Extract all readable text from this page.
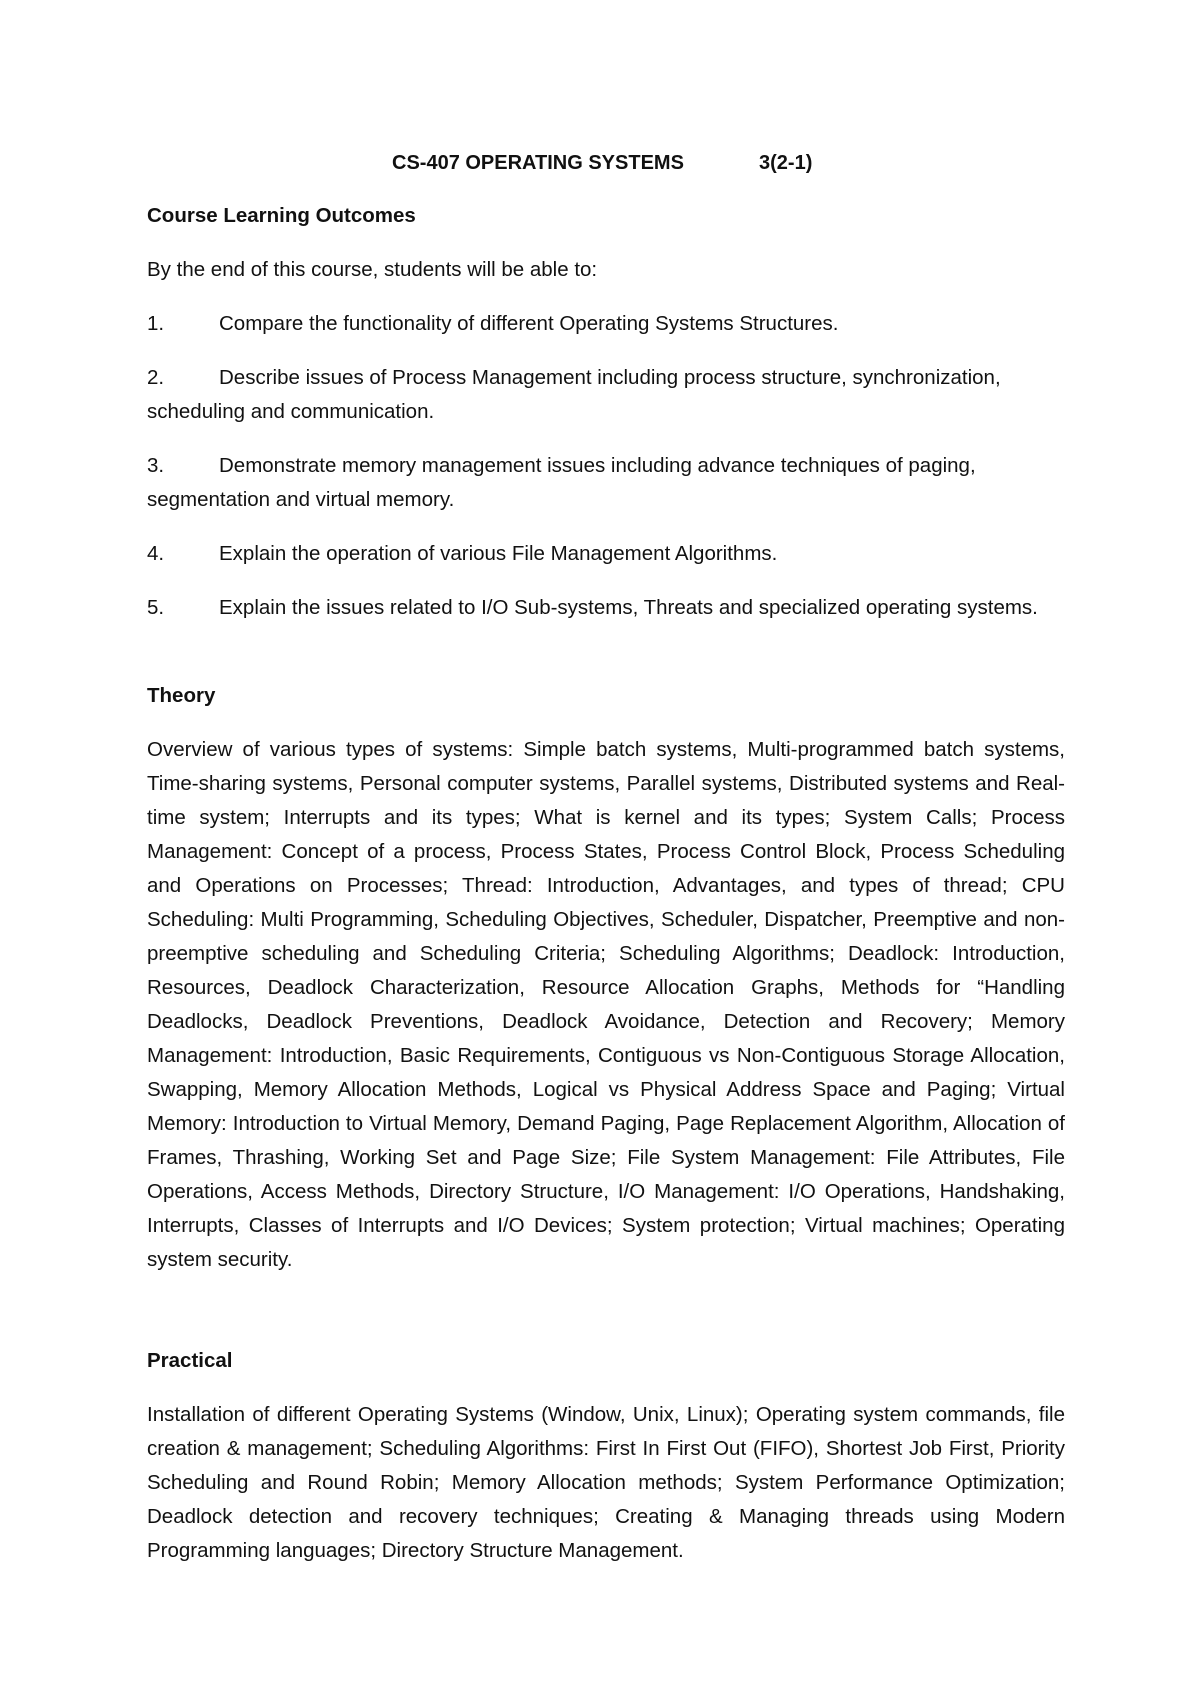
CS-407 OPERATING SYSTEMS	3(2-1)
Course Learning Outcomes
By the end of this course, students will be able to:
1.	Compare the functionality of different Operating Systems Structures.
2.	Describe issues of Process Management including process structure, synchronization, scheduling and communication.
3.	Demonstrate memory management issues including advance techniques of paging, segmentation and virtual memory.
4.	Explain the operation of various File Management Algorithms.
5.	Explain the issues related to I/O Sub-systems, Threats and specialized operating systems.
Theory
Overview of various types of systems: Simple batch systems, Multi-programmed batch systems, Time-sharing systems, Personal computer systems, Parallel systems, Distributed systems and Real-time system; Interrupts and its types; What is kernel and its types; System Calls; Process Management: Concept of a process, Process States, Process Control Block, Process Scheduling and Operations on Processes; Thread: Introduction, Advantages, and types of thread; CPU Scheduling: Multi Programming, Scheduling Objectives, Scheduler, Dispatcher, Preemptive and non-preemptive scheduling and Scheduling Criteria; Scheduling Algorithms; Deadlock: Introduction, Resources, Deadlock Characterization, Resource Allocation Graphs, Methods for “Handling Deadlocks, Deadlock Preventions, Deadlock Avoidance, Detection and Recovery; Memory Management: Introduction, Basic Requirements, Contiguous vs Non-Contiguous Storage Allocation, Swapping, Memory Allocation Methods, Logical vs Physical Address Space and Paging; Virtual Memory: Introduction to Virtual Memory, Demand Paging, Page Replacement Algorithm, Allocation of Frames, Thrashing, Working Set and Page Size; File System Management: File Attributes, File Operations, Access Methods, Directory Structure, I/O Management: I/O Operations, Handshaking, Interrupts, Classes of Interrupts and I/O Devices; System protection; Virtual machines; Operating system security.
Practical
Installation of different Operating Systems (Window, Unix, Linux); Operating system commands, file creation & management; Scheduling Algorithms: First In First Out (FIFO), Shortest Job First, Priority Scheduling and Round Robin; Memory Allocation methods; System Performance Optimization; Deadlock detection and recovery techniques; Creating & Managing threads using Modern Programming languages; Directory Structure Management.
